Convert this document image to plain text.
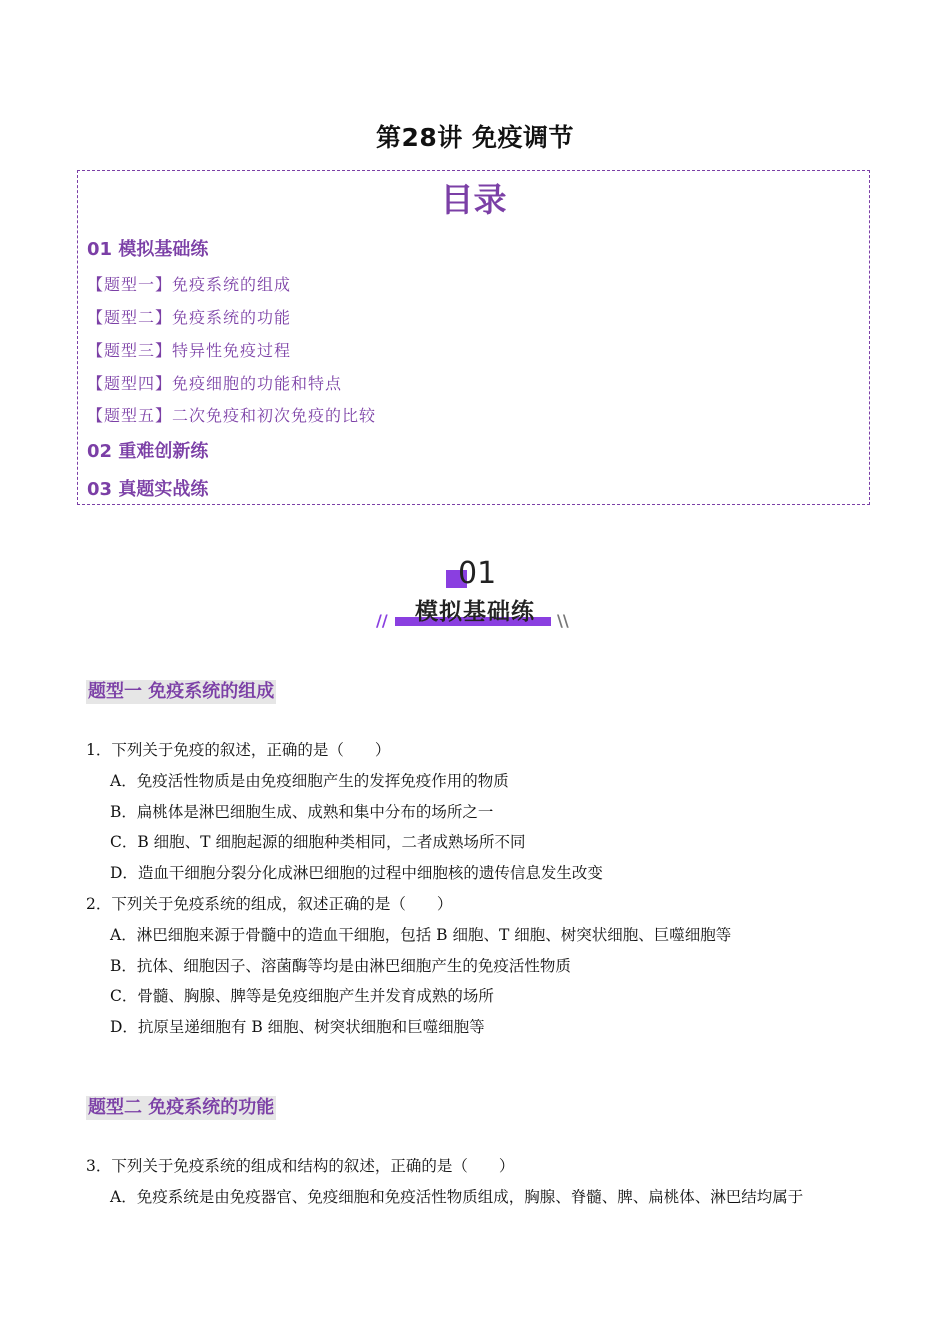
第28讲 免疫调节
目录
01 模拟基础练
【题型一】免疫系统的组成
【题型二】免疫系统的功能
【题型三】特异性免疫过程
【题型四】免疫细胞的功能和特点
【题型五】二次免疫和初次免疫的比较
02 重难创新练
03 真题实战练
01
模拟基础练
//	\\
题型一 免疫系统的组成
1．下列关于免疫的叙述，正确的是（　　）
A．免疫活性物质是由免疫细胞产生的发挥免疫作用的物质
B．扁桃体是淋巴细胞生成、成熟和集中分布的场所之一
C．B 细胞、T 细胞起源的细胞种类相同，二者成熟场所不同
D．造血干细胞分裂分化成淋巴细胞的过程中细胞核的遗传信息发生改变
2．下列关于免疫系统的组成，叙述正确的是（　　）
A．淋巴细胞来源于骨髓中的造血干细胞，包括 B 细胞、T 细胞、树突状细胞、巨噬细胞等
B．抗体、细胞因子、溶菌酶等均是由淋巴细胞产生的免疫活性物质
C．骨髓、胸腺、脾等是免疫细胞产生并发育成熟的场所
D．抗原呈递细胞有 B 细胞、树突状细胞和巨噬细胞等
题型二 免疫系统的功能
3．下列关于免疫系统的组成和结构的叙述，正确的是（　　）
A．免疫系统是由免疫器官、免疫细胞和免疫活性物质组成，胸腺、脊髓、脾、扁桃体、淋巴结均属于
